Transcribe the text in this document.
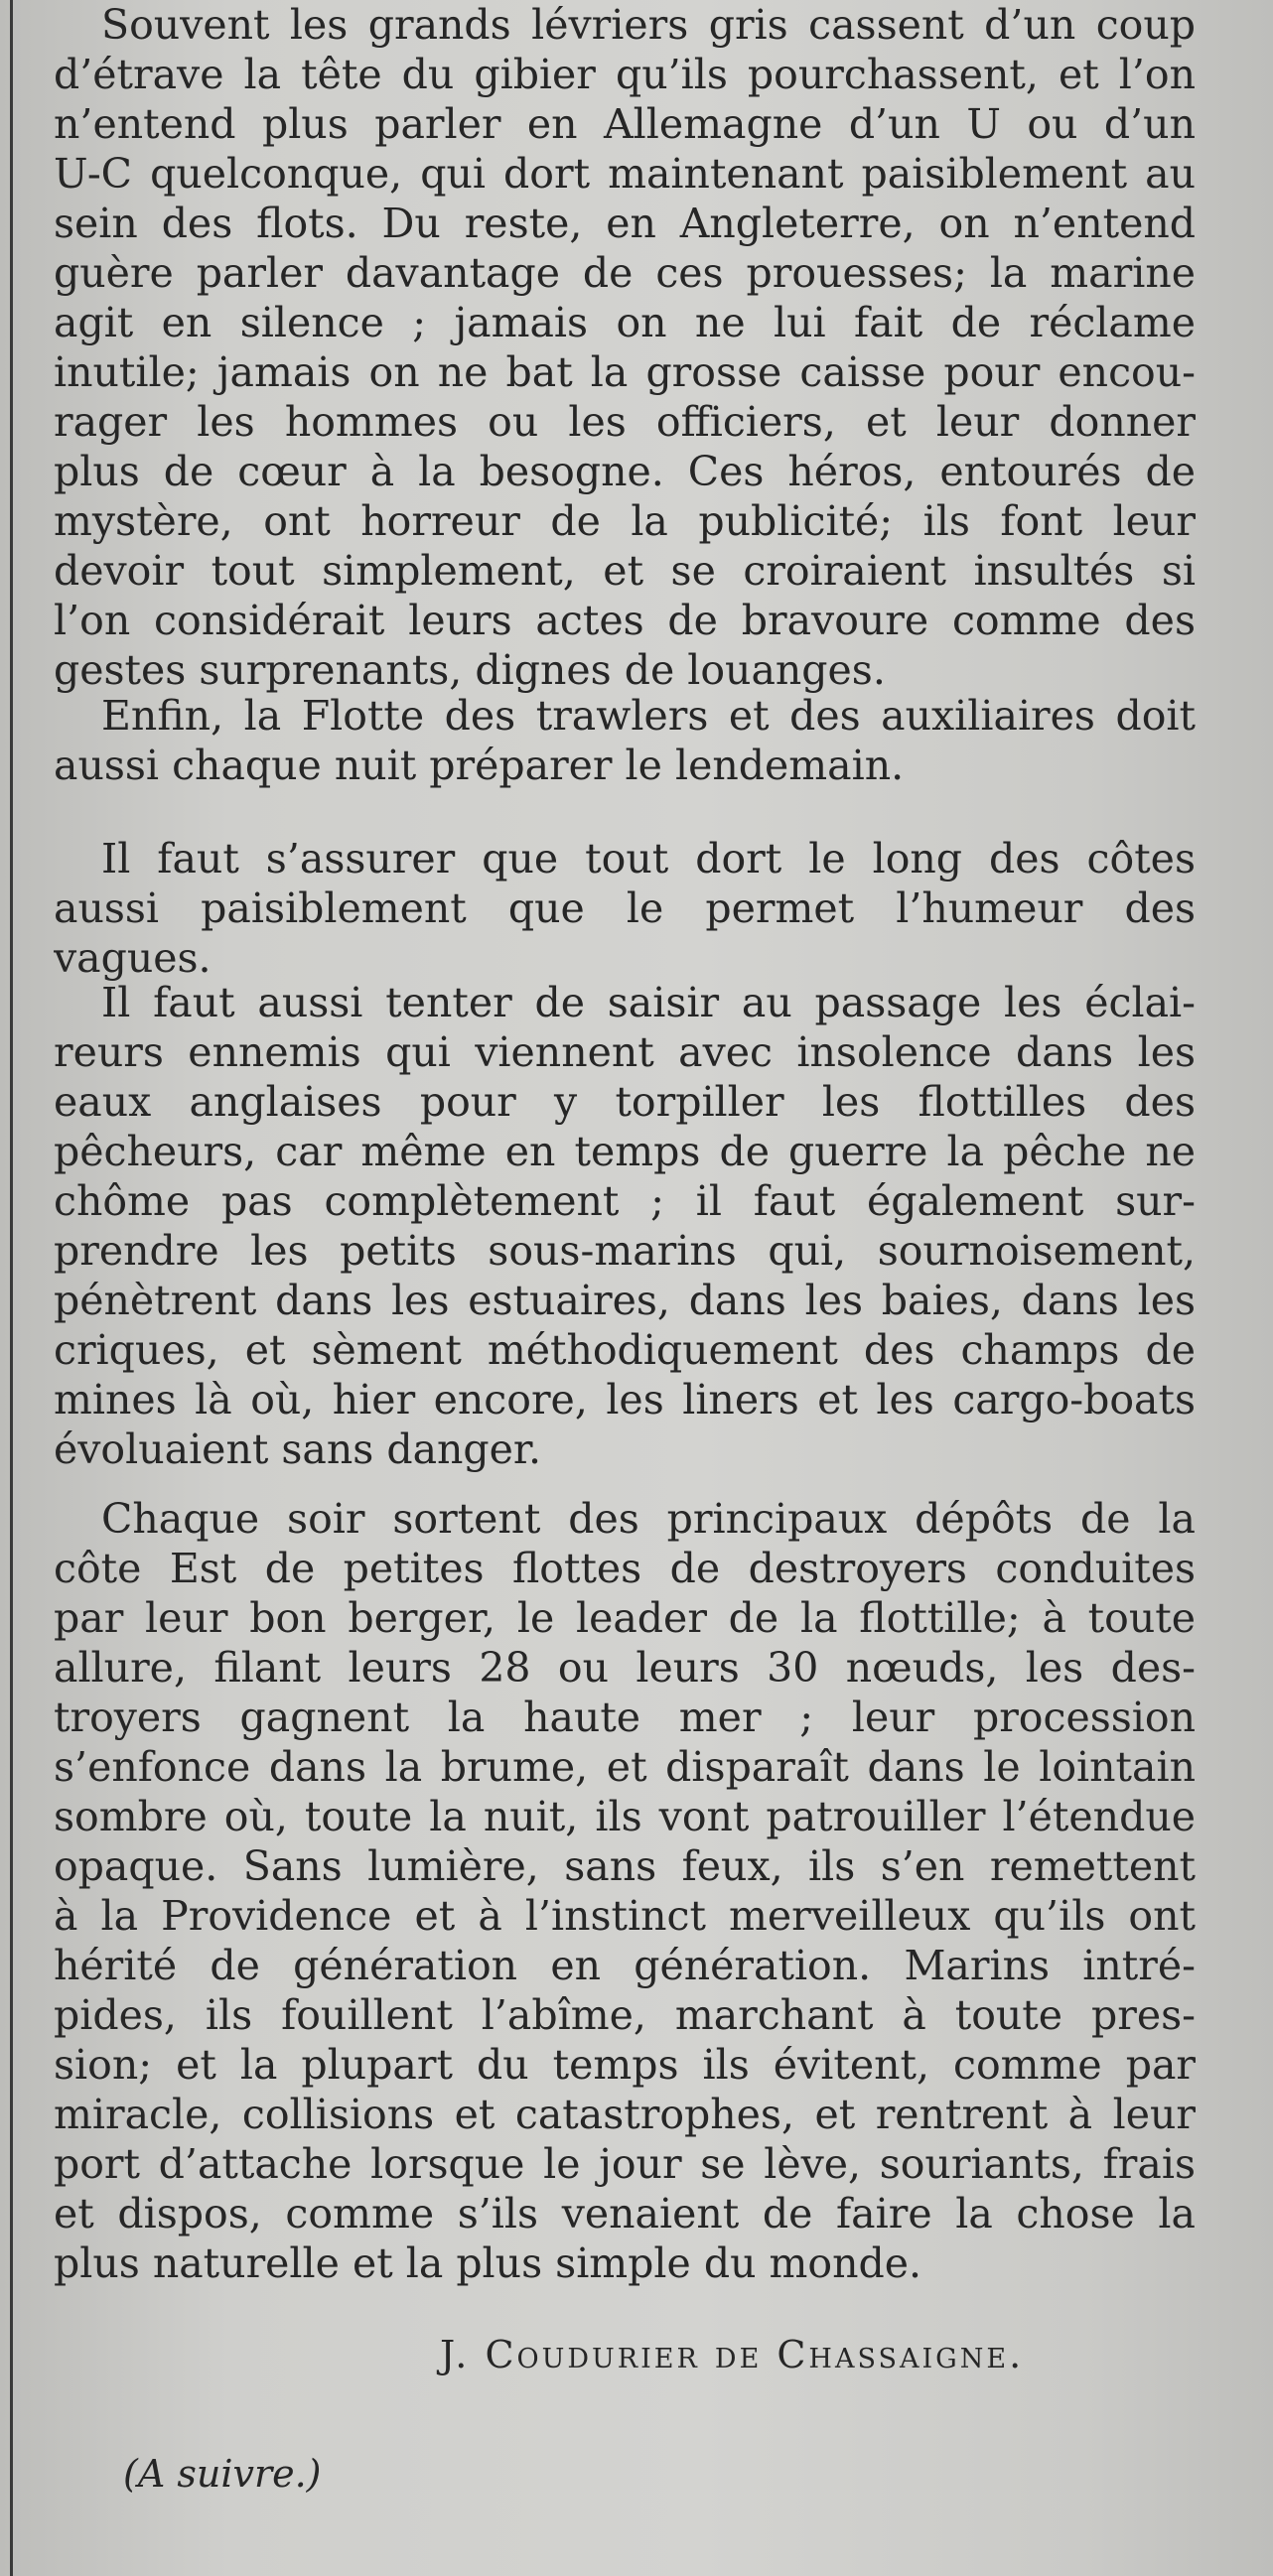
Souvent les grands lévriers gris cassent d’un coup
d’étrave la tête du gibier qu’ils pourchassent, et l’on
n’entend plus parler en Allemagne d’un U ou d’un
U-C quelconque, qui dort maintenant paisiblement au
sein des flots. Du reste, en Angleterre, on n’entend
guère parler davantage de ces prouesses; la marine
agit en silence ; jamais on ne lui fait de réclame
inutile; jamais on ne bat la grosse caisse pour encou-
rager les hommes ou les officiers, et leur donner
plus de cœur à la besogne. Ces héros, entourés de
mystère, ont horreur de la publicité; ils font leur
devoir tout simplement, et se croiraient insultés si
l’on considérait leurs actes de bravoure comme des
gestes surprenants, dignes de louanges.
Enfin, la Flotte des trawlers et des auxiliaires doit
aussi chaque nuit préparer le lendemain.
Il faut s’assurer que tout dort le long des côtes
aussi paisiblement que le permet l’humeur des
vagues.
Il faut aussi tenter de saisir au passage les éclai-
reurs ennemis qui viennent avec insolence dans les
eaux anglaises pour y torpiller les flottilles des
pêcheurs, car même en temps de guerre la pêche ne
chôme pas complètement ; il faut également sur-
prendre les petits sous-marins qui, sournoisement,
pénètrent dans les estuaires, dans les baies, dans les
criques, et sèment méthodiquement des champs de
mines là où, hier encore, les liners et les cargo-boats
évoluaient sans danger.
Chaque soir sortent des principaux dépôts de la
côte Est de petites flottes de destroyers conduites
par leur bon berger, le leader de la flottille; à toute
allure, filant leurs 28 ou leurs 30 nœuds, les des-
troyers gagnent la haute mer ; leur procession
s’enfonce dans la brume, et disparaît dans le lointain
sombre où, toute la nuit, ils vont patrouiller l’étendue
opaque. Sans lumière, sans feux, ils s’en remettent
à la Providence et à l’instinct merveilleux qu’ils ont
hérité de génération en génération. Marins intré-
pides, ils fouillent l’abîme, marchant à toute pres-
sion; et la plupart du temps ils évitent, comme par
miracle, collisions et catastrophes, et rentrent à leur
port d’attache lorsque le jour se lève, souriants, frais
et dispos, comme s’ils venaient de faire la chose la
plus naturelle et la plus simple du monde.
J. Coudurier de Chassaigne.
(A suivre.)
